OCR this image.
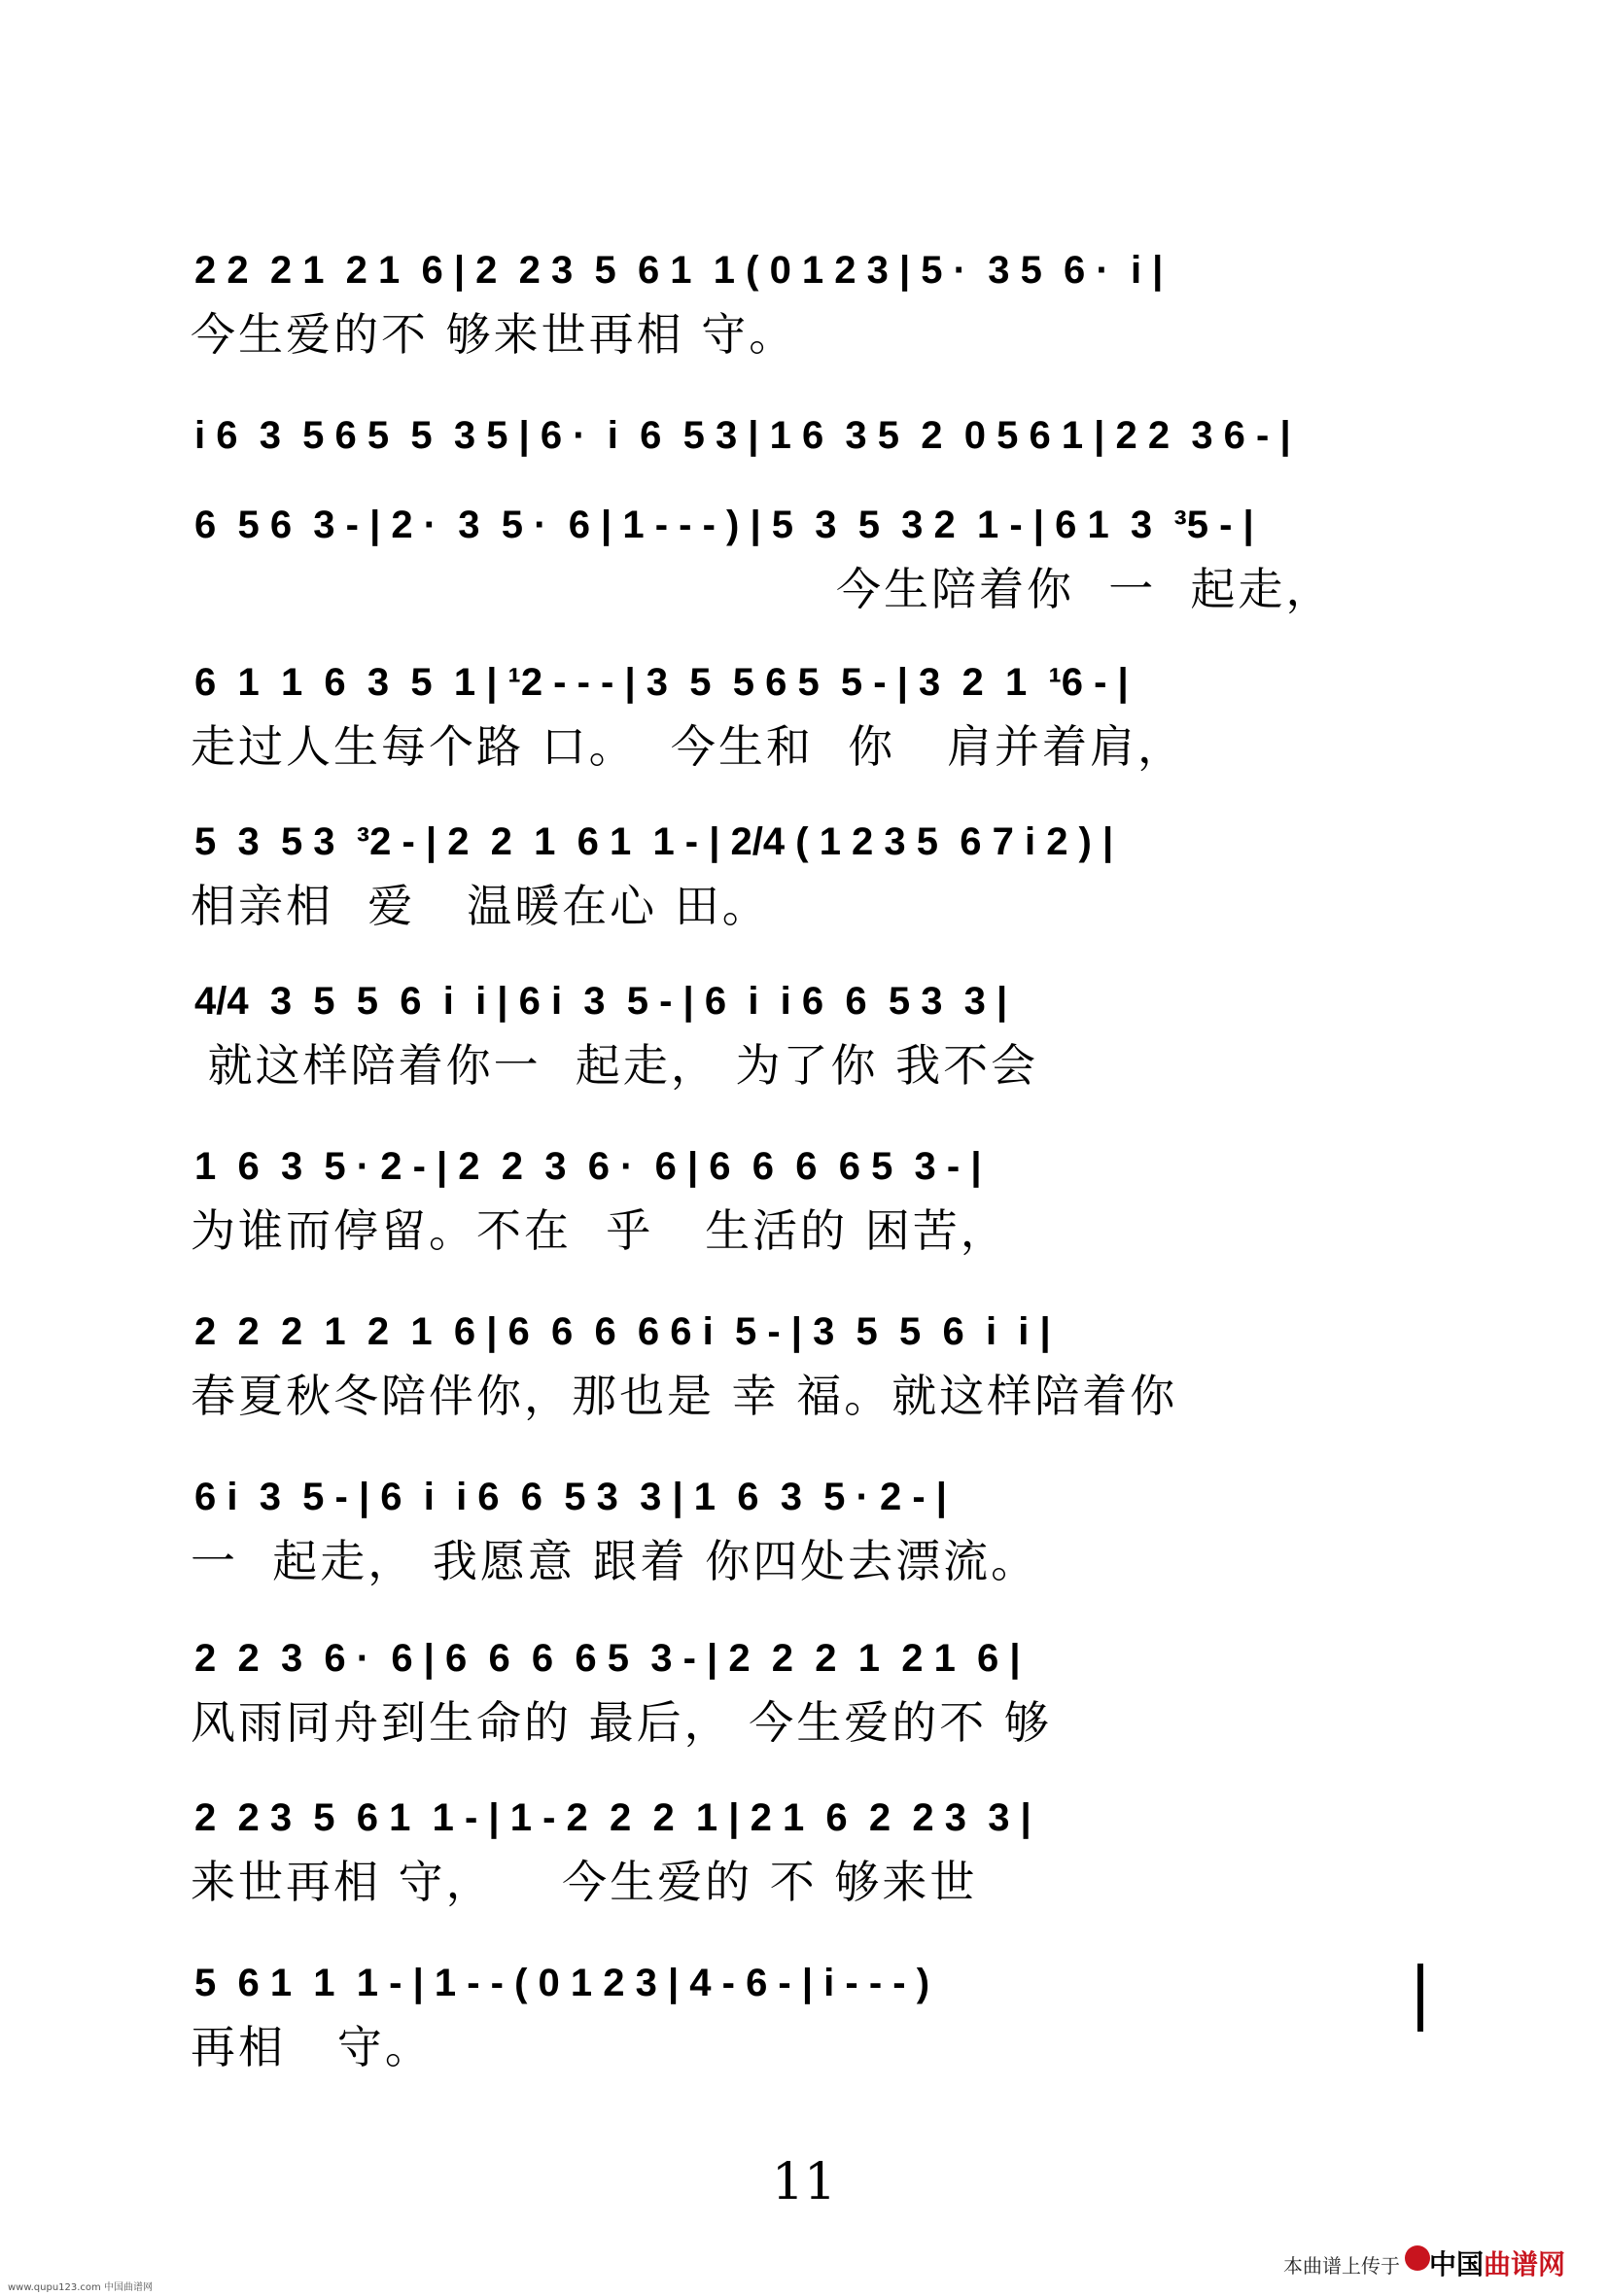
2 2  2 1  2 1  6 | 2  2 3  5  6 1  1 ( 0 1 2 3 | 5 ·  3 5  6 ·  i |
今生爱的不 够来世再相 守。
i 6  3  5 6 5  5  3 5 | 6 ·  i  6  5 3 | 1 6  3 5  2  0 5 6 1 | 2 2  3 6 - |
6  5 6  3 - | 2 ·  3  5 ·  6 | 1 - - - ) | 5  3  5  3 2  1 - | 6 1  3  ³5 - |
今生陪着你  一  起走，
6  1  1  6  3  5  1 | ¹2 - - - | 3  5  5 6 5  5 - | 3  2  1  ¹6 - |
走过人生每个路 口。  今生和  你   肩并着肩，
5  3  5 3  ³2 - | 2  2  1  6 1  1 - | 2/4 ( 1 2 3 5  6 7 i 2 ) |
相亲相  爱   温暖在心 田。
4/4  3  5  5  6  i  i | 6 i  3  5 - | 6  i  i 6  6  5 3  3 |
就这样陪着你一  起走， 为了你 我不会
1  6  3  5 · 2 - | 2  2  3  6 ·  6 | 6  6  6  6 5  3 - |
为谁而停留。不在  乎   生活的 困苦，
2  2  2  1  2  1  6 | 6  6  6  6 6 i  5 - | 3  5  5  6  i  i |
春夏秋冬陪伴你，那也是 幸 福。就这样陪着你
6 i  3  5 - | 6  i  i 6  6  5 3  3 | 1  6  3  5 · 2 - |
一  起走， 我愿意 跟着 你四处去漂流。
2  2  3  6 ·  6 | 6  6  6  6 5  3 - | 2  2  2  1  2 1  6 |
风雨同舟到生命的 最后， 今生爱的不 够
2  2 3  5  6 1  1 - | 1 - 2  2  2  1 | 2 1  6  2  2 3  3 |
来世再相 守，    今生爱的 不 够来世
5  6 1  1  1 - | 1 - - ( 0 1 2 3 | 4 - 6 - | i - - - )
再相   守。
11
www.qupu123.com 中国曲谱网
本曲谱上传于 中国曲谱网
